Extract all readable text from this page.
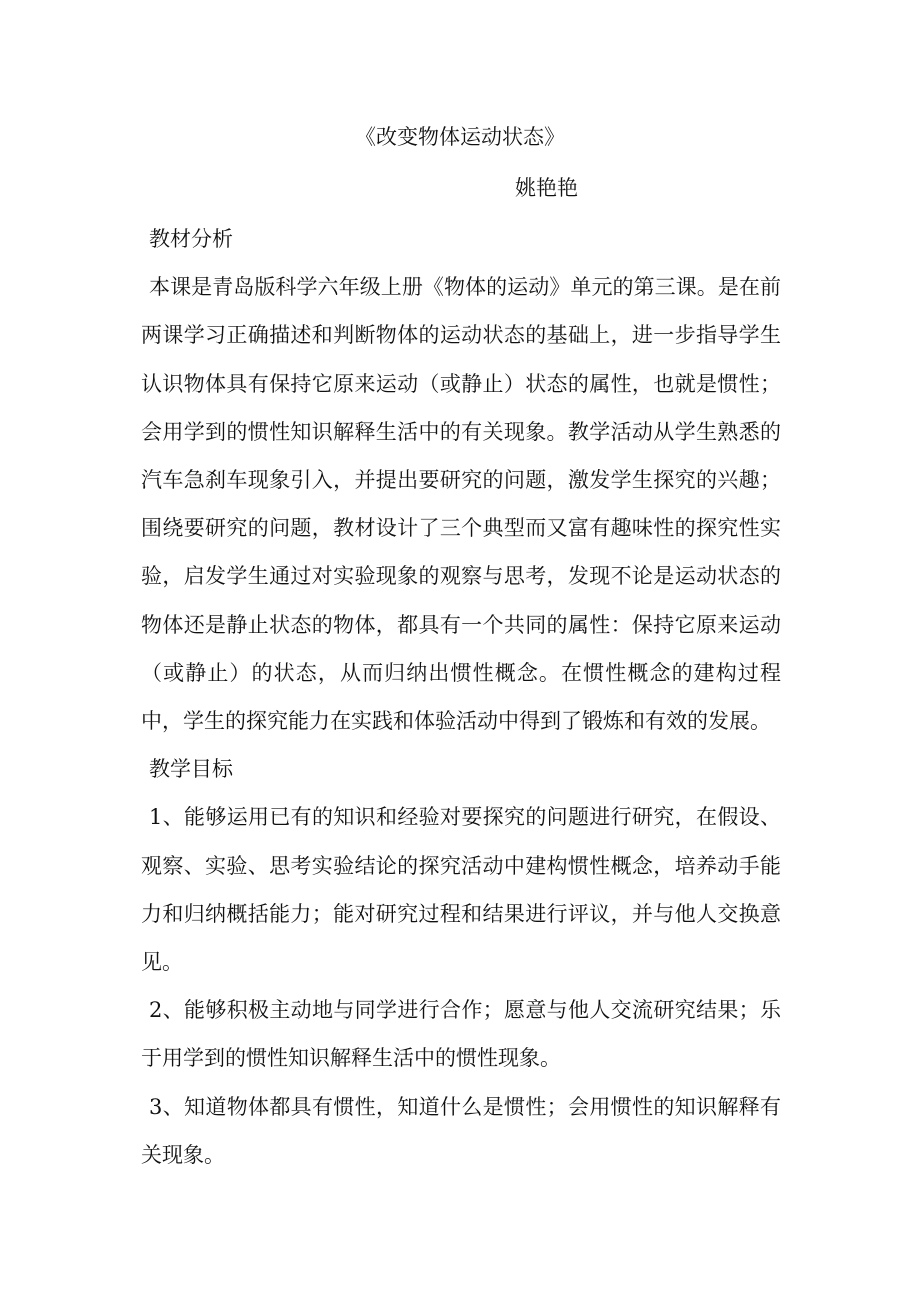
《改变物体运动状态》
姚艳艳

教材分析

本课是青岛版科学六年级上册《物体的运动》单元的第三课。是在前两课学习正确描述和判断物体的运动状态的基础上，进一步指导学生认识物体具有保持它原来运动（或静止）状态的属性，也就是惯性；会用学到的惯性知识解释生活中的有关现象。教学活动从学生熟悉的汽车急刹车现象引入，并提出要研究的问题，激发学生探究的兴趣；围绕要研究的问题，教材设计了三个典型而又富有趣味性的探究性实验，启发学生通过对实验现象的观察与思考，发现不论是运动状态的物体还是静止状态的物体，都具有一个共同的属性：保持它原来运动（或静止）的状态，从而归纳出惯性概念。在惯性概念的建构过程中，学生的探究能力在实践和体验活动中得到了锻炼和有效的发展。

教学目标

1、能够运用已有的知识和经验对要探究的问题进行研究，在假设、观察、实验、思考实验结论的探究活动中建构惯性概念，培养动手能力和归纳概括能力；能对研究过程和结果进行评议，并与他人交换意见。

2、能够积极主动地与同学进行合作；愿意与他人交流研究结果；乐于用学到的惯性知识解释生活中的惯性现象。

3、知道物体都具有惯性，知道什么是惯性；会用惯性的知识解释有关现象。
